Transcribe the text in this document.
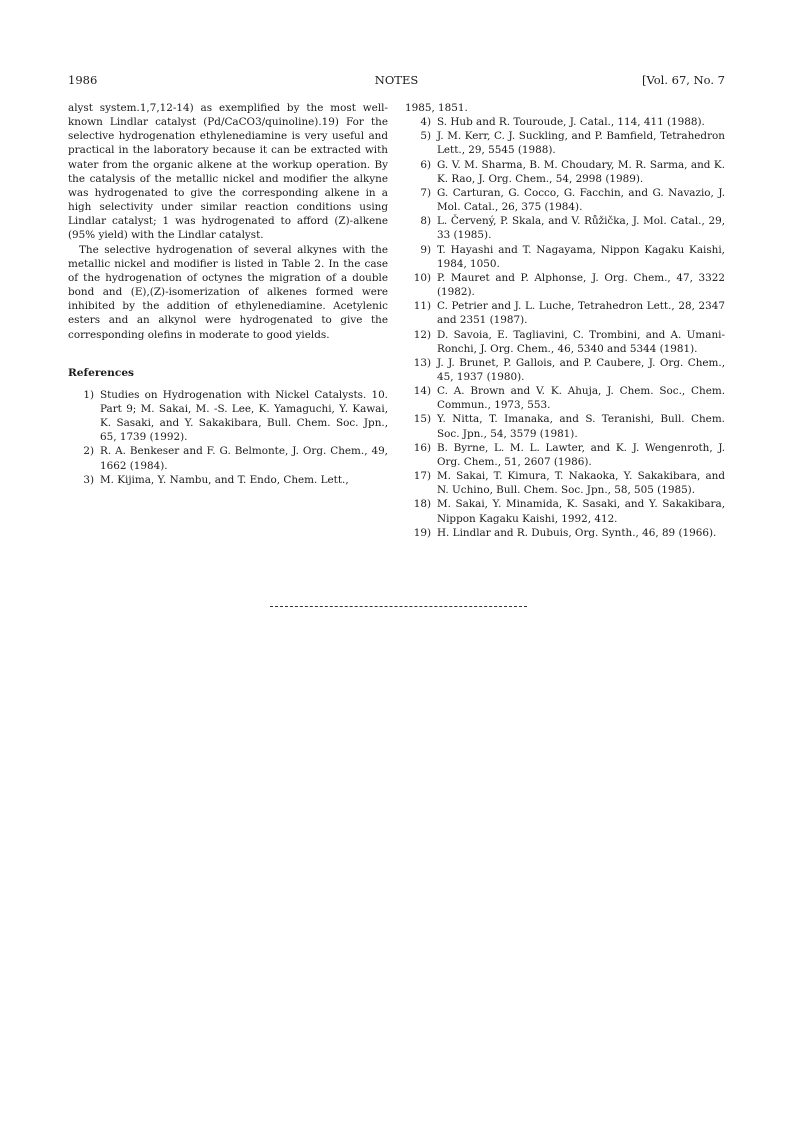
1986	NOTES	[Vol. 67, No. 7

alyst system.1,7,12-14) as exemplified by the most well-known Lindlar catalyst (Pd/CaCO3/quinoline).19) For the selective hydrogenation ethylenediamine is very useful and practical in the laboratory because it can be extracted with water from the organic alkene at the workup operation. By the catalysis of the metallic nickel and modifier the alkyne was hydrogenated to give the corresponding alkene in a high selectivity under similar reaction conditions using Lindlar catalyst; 1 was hydrogenated to afford (Z)-alkene (95% yield) with the Lindlar catalyst.

The selective hydrogenation of several alkynes with the metallic nickel and modifier is listed in Table 2. In the case of the hydrogenation of octynes the migration of a double bond and (E),(Z)-isomerization of alkenes formed were inhibited by the addition of ethylenediamine. Acetylenic esters and an alkynol were hydrogenated to give the corresponding olefins in moderate to good yields.

References
1) Studies on Hydrogenation with Nickel Catalysts. 10. Part 9; M. Sakai, M. -S. Lee, K. Yamaguchi, Y. Kawai, K. Sasaki, and Y. Sakakibara, Bull. Chem. Soc. Jpn., 65, 1739 (1992).
2) R. A. Benkeser and F. G. Belmonte, J. Org. Chem., 49, 1662 (1984).
3) M. Kijima, Y. Nambu, and T. Endo, Chem. Lett.,
1985, 1851.
4) S. Hub and R. Touroude, J. Catal., 114, 411 (1988).
5) J. M. Kerr, C. J. Suckling, and P. Bamfield, Tetrahedron Lett., 29, 5545 (1988).
6) G. V. M. Sharma, B. M. Choudary, M. R. Sarma, and K. K. Rao, J. Org. Chem., 54, 2998 (1989).
7) G. Carturan, G. Cocco, G. Facchin, and G. Navazio, J. Mol. Catal., 26, 375 (1984).
8) L. Červený, P. Skala, and V. Růžička, J. Mol. Catal., 29, 33 (1985).
9) T. Hayashi and T. Nagayama, Nippon Kagaku Kaishi, 1984, 1050.
10) P. Mauret and P. Alphonse, J. Org. Chem., 47, 3322 (1982).
11) C. Petrier and J. L. Luche, Tetrahedron Lett., 28, 2347 and 2351 (1987).
12) D. Savoia, E. Tagliavini, C. Trombini, and A. Umani-Ronchi, J. Org. Chem., 46, 5340 and 5344 (1981).
13) J. J. Brunet, P. Gallois, and P. Caubere, J. Org. Chem., 45, 1937 (1980).
14) C. A. Brown and V. K. Ahuja, J. Chem. Soc., Chem. Commun., 1973, 553.
15) Y. Nitta, T. Imanaka, and S. Teranishi, Bull. Chem. Soc. Jpn., 54, 3579 (1981).
16) B. Byrne, L. M. L. Lawter, and K. J. Wengenroth, J. Org. Chem., 51, 2607 (1986).
17) M. Sakai, T. Kimura, T. Nakaoka, Y. Sakakibara, and N. Uchino, Bull. Chem. Soc. Jpn., 58, 505 (1985).
18) M. Sakai, Y. Minamida, K. Sasaki, and Y. Sakakibara, Nippon Kagaku Kaishi, 1992, 412.
19) H. Lindlar and R. Dubuis, Org. Synth., 46, 89 (1966).
